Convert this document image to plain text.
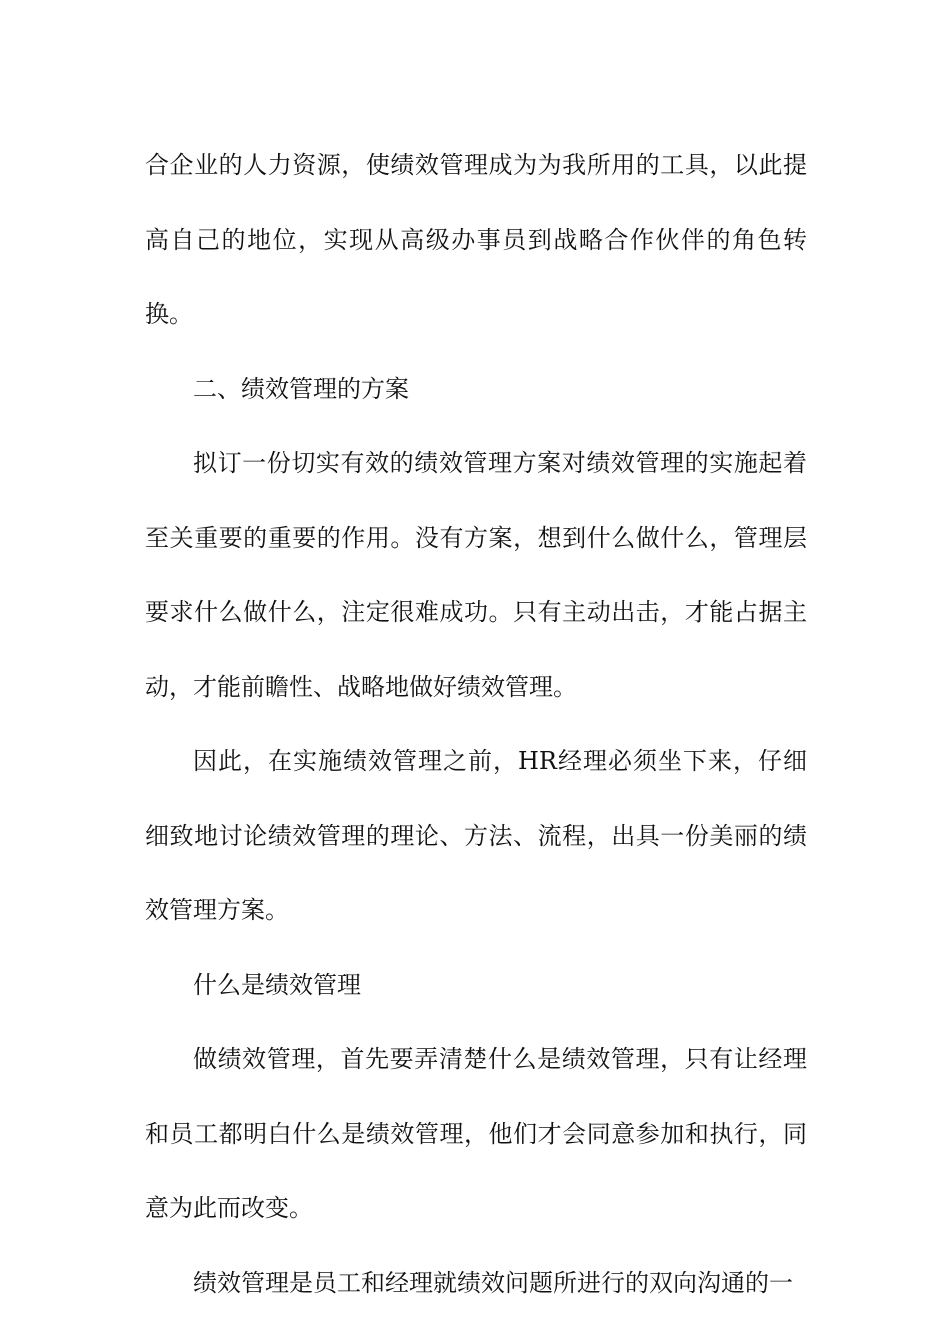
合企业的人力资源，使绩效管理成为为我所用的工具，以此提高自己的地位，实现从高级办事员到战略合作伙伴的角色转换。

二、绩效管理的方案

拟订一份切实有效的绩效管理方案对绩效管理的实施起着至关重要的重要的作用。没有方案，想到什么做什么，管理层要求什么做什么，注定很难成功。只有主动出击，才能占据主动，才能前瞻性、战略地做好绩效管理。

因此，在实施绩效管理之前，HR经理必须坐下来，仔细细致地讨论绩效管理的理论、方法、流程，出具一份美丽的绩效管理方案。

什么是绩效管理

做绩效管理，首先要弄清楚什么是绩效管理，只有让经理和员工都明白什么是绩效管理，他们才会同意参加和执行，同意为此而改变。

绩效管理是员工和经理就绩效问题所进行的双向沟通的一
